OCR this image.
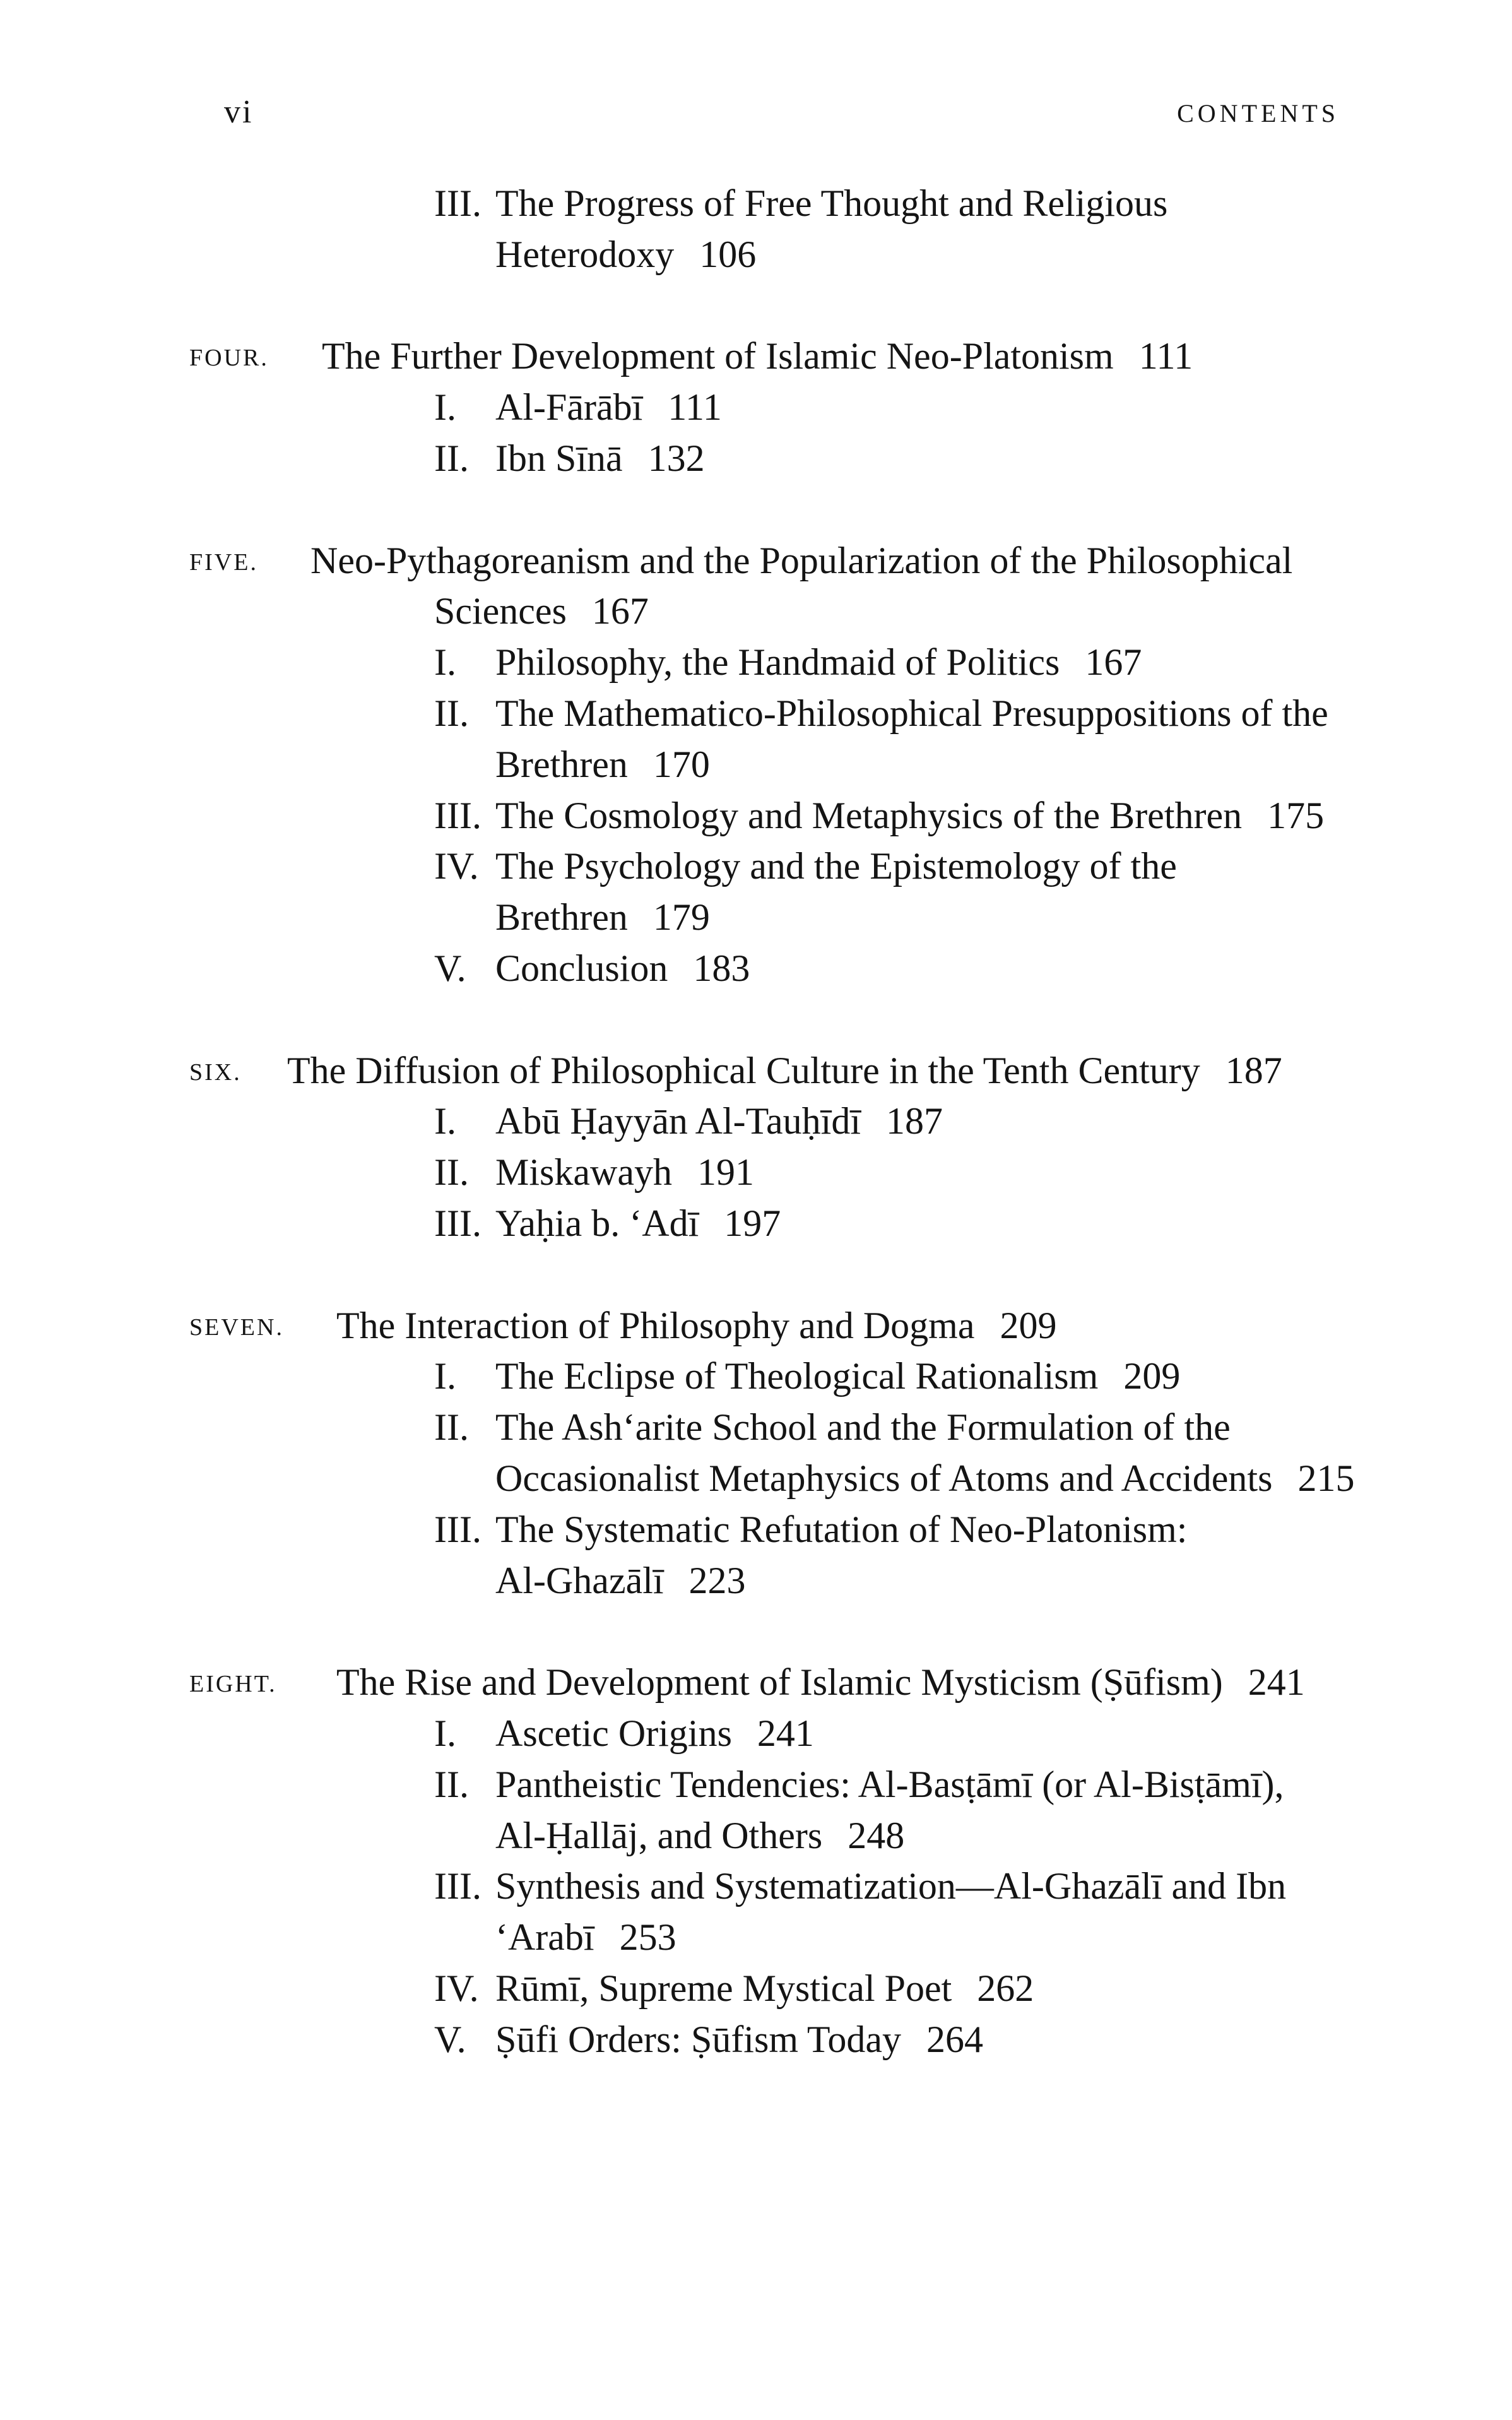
vi	CONTENTS
III. The Progress of Free Thought and Religious
Heterodoxy 106
FOUR. The Further Development of Islamic Neo-Platonism 111
I. Al-Fārābī 111
II. Ibn Sīnā 132
FIVE. Neo-Pythagoreanism and the Popularization of the Philosophical
Sciences 167
I. Philosophy, the Handmaid of Politics 167
II. The Mathematico-Philosophical Presuppositions of the
Brethren 170
III. The Cosmology and Metaphysics of the Brethren 175
IV. The Psychology and the Epistemology of the
Brethren 179
V. Conclusion 183
SIX. The Diffusion of Philosophical Culture in the Tenth Century 187
I. Abū Ḥayyān Al-Tauḥīdī 187
II. Miskawayh 191
III. Yaḥia b. ʻAdī 197
SEVEN. The Interaction of Philosophy and Dogma 209
I. The Eclipse of Theological Rationalism 209
II. The Ashʻarite School and the Formulation of the
Occasionalist Metaphysics of Atoms and Accidents 215
III. The Systematic Refutation of Neo-Platonism:
Al-Ghazālī 223
EIGHT. The Rise and Development of Islamic Mysticism (Ṣūfism) 241
I. Ascetic Origins 241
II. Pantheistic Tendencies: Al-Basṭāmī (or Al-Bisṭāmī),
Al-Ḥallāj, and Others 248
III. Synthesis and Systematization—Al-Ghazālī and Ibn
ʻArabī 253
IV. Rūmī, Supreme Mystical Poet 262
V. Ṣūfi Orders: Ṣūfism Today 264
